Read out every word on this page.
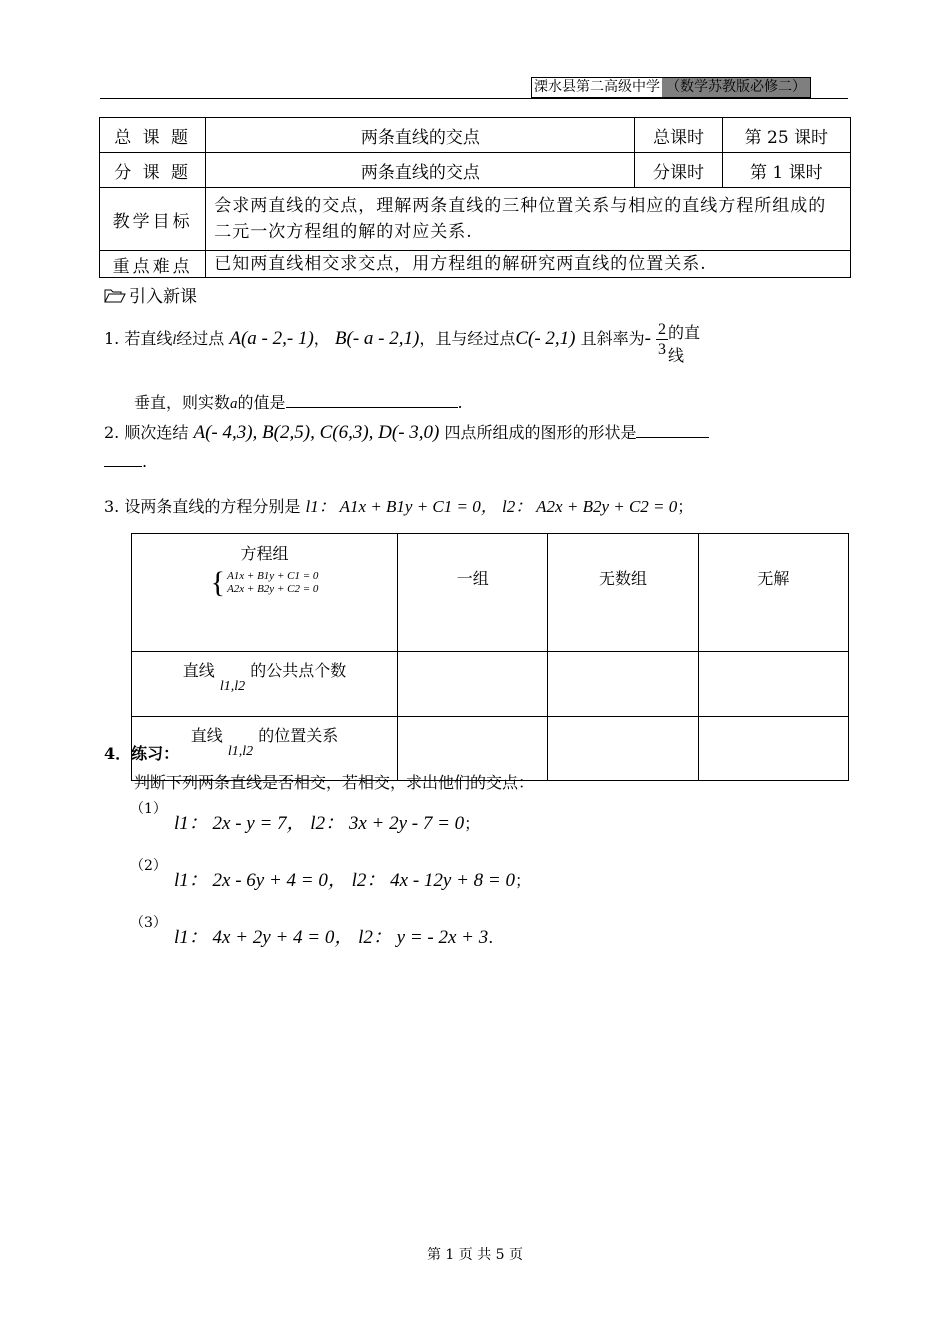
溧水县第二高级中学 （数学苏教版必修二）
总 课 题	两条直线的交点	总课时	第 25 课时
分 课 题	两条直线的交点	分课时	第 1 课时
教学目标	会求两直线的交点，理解两条直线的三种位置关系与相应的直线方程所组成的二元一次方程组的解的对应关系.		
重点难点	已知两直线相交求交点，用方程组的解研究两直线的位置关系.		
引入新课
1. 若直线l经过点 A(a - 2,- 1)， B(- a - 2,1)，且与经过点C(- 2,1) 且斜率为- $\frac{2}{3}$ 的直线
垂直，则实数a的值是	.
2. 顺次连结 A(- 4,3), B(2,5), C(6,3), D(- 3,0) 四点所组成的图形的形状是
.
3. 设两条直线的方程分别是 l1： A1x + B1y + C1 = 0， l2： A2x + B2y + C2 = 0；
方程组
{ A1x + B1y + C1 = 0
A2x + B2y + C2 = 0	一组	无数组	无解
直线 l1,l2 的公共点个数			
直线 l1,l2 的位置关系			
4．练习：
判断下列两条直线是否相交，若相交，求出他们的交点：
（1）
l1： 2x - y = 7， l2： 3x + 2y - 7 = 0；
（2）
l1： 2x - 6y + 4 = 0， l2： 4x - 12y + 8 = 0；
（3）
l1： 4x + 2y + 4 = 0， l2： y = - 2x + 3.
第 1 页 共 5 页
